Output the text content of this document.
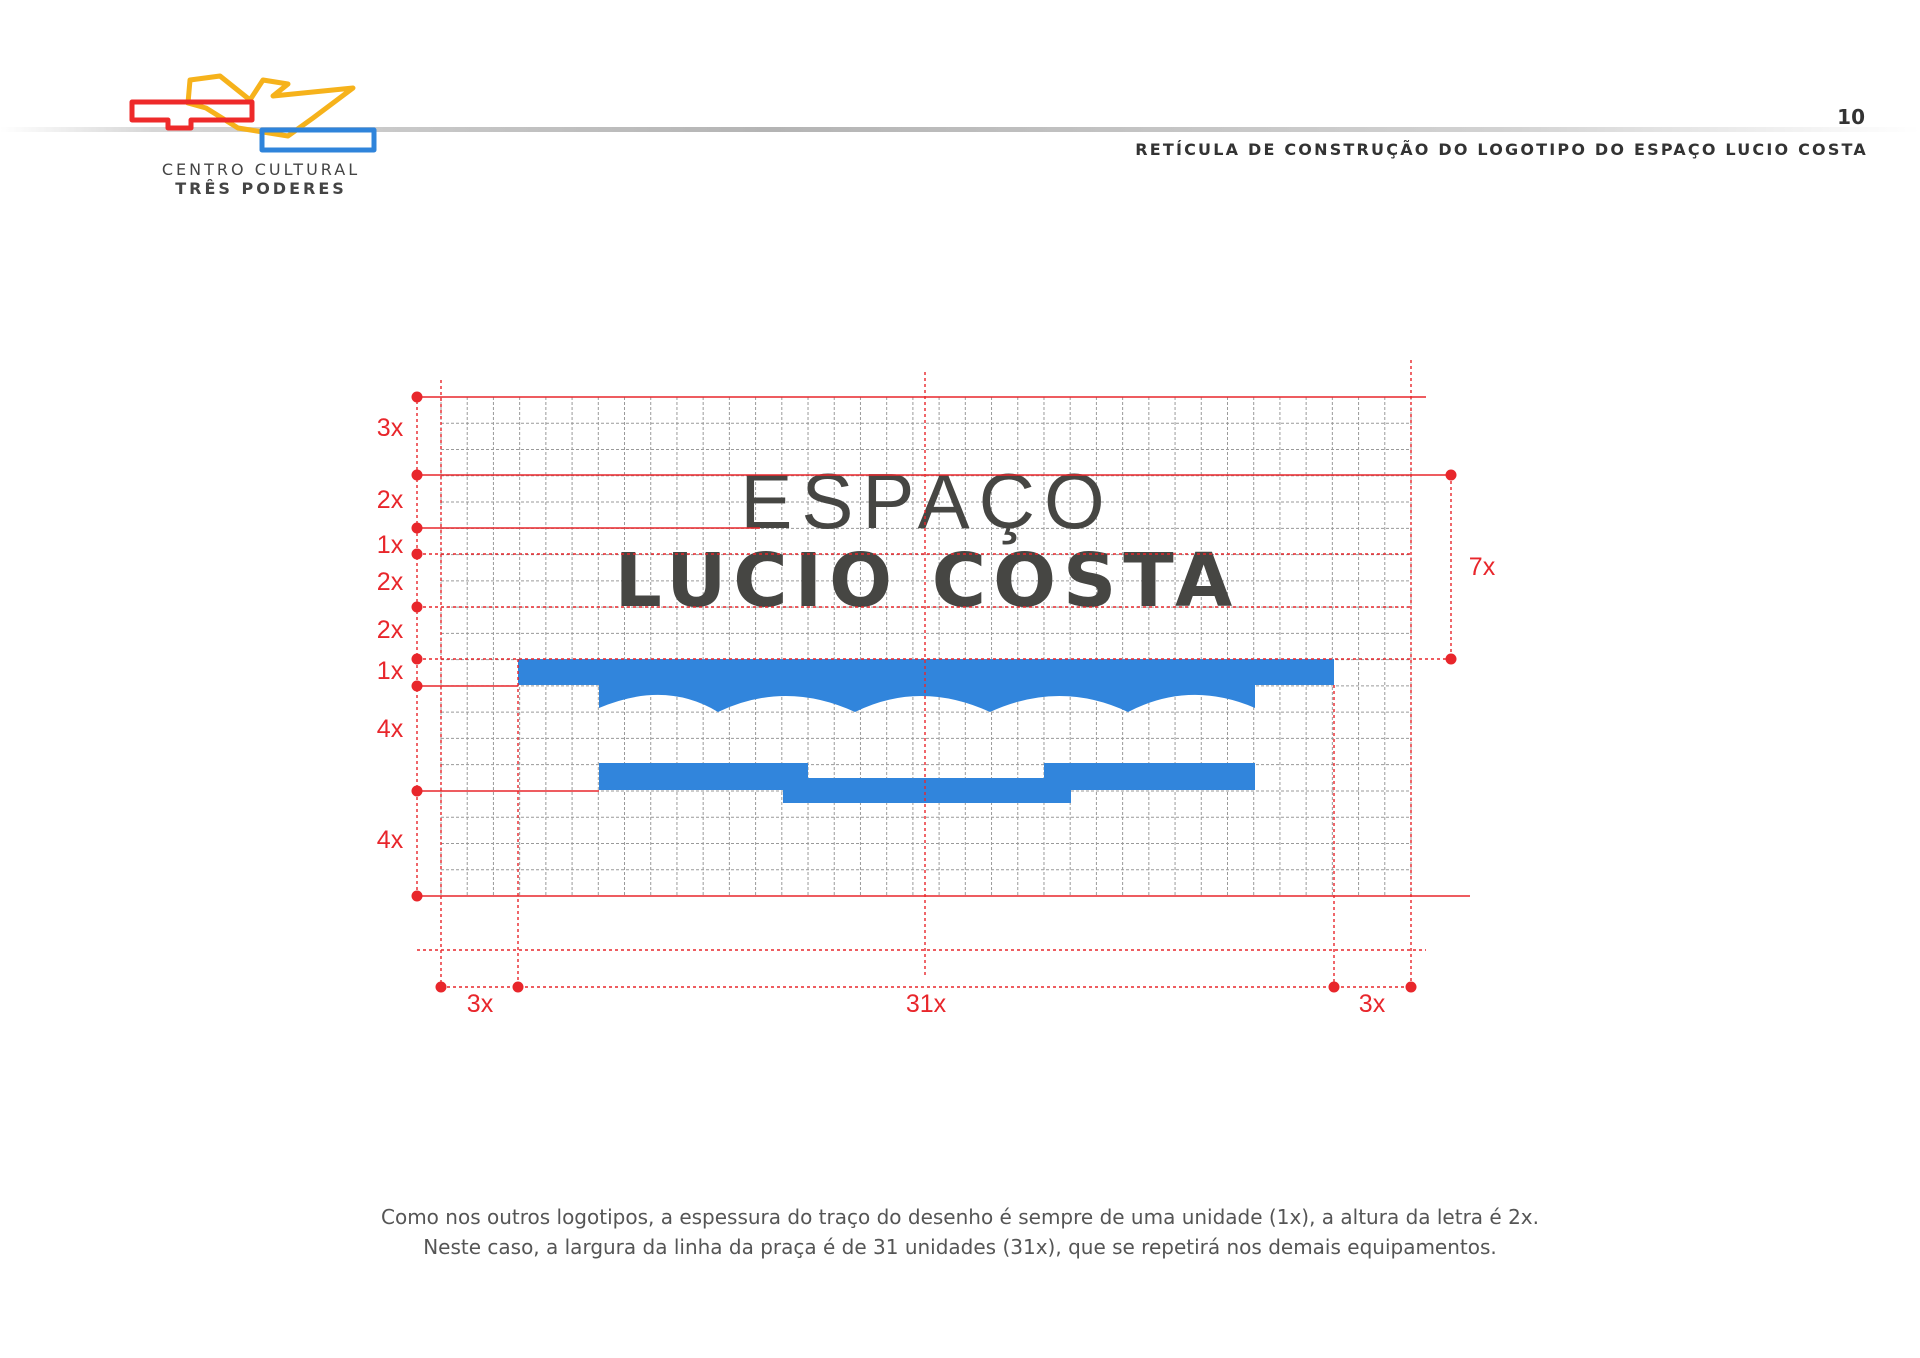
CENTRO CULTURAL
TRÊS PODERES
10
RETÍCULA DE CONSTRUÇÃO DO LOGOTIPO DO ESPAÇO LUCIO COSTA
ESPAÇO
LUCIO COSTA
3x
2x
1x
2x
2x
1x
4x
4x
7x
3x	31x	3x

Como nos outros logotipos, a espessura do traço do desenho é sempre de uma unidade (1x), a altura da letra é 2x.

Neste caso, a largura da linha da praça é de 31 unidades (31x), que se repetirá nos demais equipamentos.
